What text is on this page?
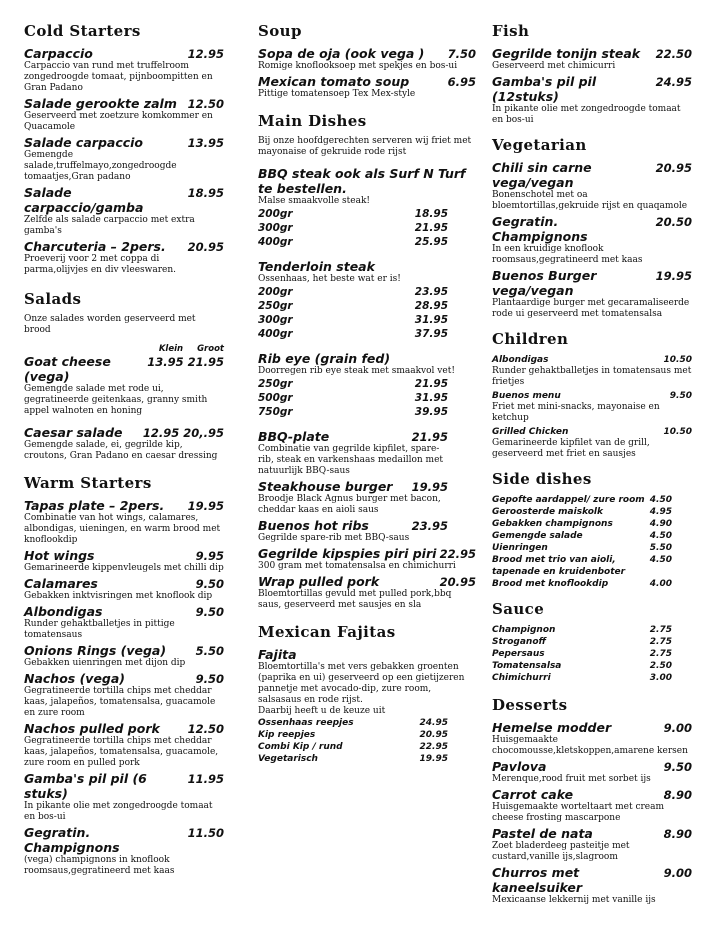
Cold Starters
Carpaccio	12.95
Carpaccio van rund met truffelroom zongedroogde tomaat, pijnboompitten en Gran Padano
Salade gerookte zalm 12.50
Geserveerd met zoetzure komkommer en Quacamole
Salade carpaccio	13.95
Gemengde salade,truffelmayo,zongedroogde tomaatjes,Gran padano
Salade carpaccio/gamba
18.95
Zelfde als salade carpaccio met extra gamba's
Charcuteria – 2pers. 20.95
Proeverij voor 2 met coppa di parma,olijvjes en div vleeswaren.
Salads
Onze salades worden geserveerd met brood
Klein Groot
Goat cheese (vega)
13.95 21.95
Gemengde salade met rode ui, gegratineerde geitenkaas, granny smith appel walnoten en honing
Caesar salade 12.95 20,.95
Gemengde salade, ei, gegrilde kip, croutons, Gran Padano en caesar dressing
Warm Starters
Tapas plate – 2pers. 19.95
Combinatie van hot wings, calamares, albondigas, uieningen, en warm brood met knoflookdip
Hot wings	9.95
Gemarineerde kippenvleugels met chilli dip
Calamares	9.50
Gebakken inktvisringen met knoflook dip
Albondigas	9.50
Runder gehaktballetjes in pittige tomatensaus
Onions Rings (vega)	5.50
Gebakken uienringen met dijon dip
Nachos (vega)	9.50
Gegratineerde tortilla chips met cheddar kaas, jalapeños, tomatensalsa, guacamole en zure room
Nachos pulled pork 12.50
Gegratineerde tortilla chips met cheddar kaas, jalapeños, tomatensalsa, guacamole, zure room en pulled pork
Gamba's pil pil (6 stuks)
11.95
In pikante olie met zongedroogde tomaat en bos-ui
Gegratin. Champignons
11.50
(vega) champignons in knoflook roomsaus,gegratineerd met kaas
Soup
Sopa de oja (ook vega ) 7.50
Romige knoflooksoep met spekjes en bos-ui
Mexican tomato soup	6.95
Pittige tomatensoep Tex Mex-style
Main Dishes
Bij onze hoofdgerechten serveren wij friet met mayonaise of gekruide rode rijst
BBQ steak ook als Surf N Turf te bestellen.
Malse smaakvolle steak!
200gr	18.95
300gr	21.95
400gr	25.95
Tenderloin steak
Ossenhaas, het beste wat er is!
200gr	23.95
250gr	28.95
300gr	31.95
400gr	37.95
Rib eye (grain fed)
Doorregen rib eye steak met smaakvol vet!
250gr	21.95
500gr	31.95
750gr	39.95
BBQ-plate	21.95
Combinatie van gegrilde kipfilet, spare-rib, steak en varkenshaas medaillon met natuurlijk BBQ-saus
Steakhouse burger 19.95
Broodje Black Agnus burger met bacon, cheddar kaas en aioli saus
Buenos hot ribs	23.95
Gegrilde spare-rib met BBQ-saus
Gegrilde kipspies piri piri 22.95
300 gram met tomatensalsa en chimichurri
Wrap pulled pork	20.95
Bloemtortillas gevuld met pulled pork,bbq saus, geserveerd met sausjes en sla
Mexican Fajitas
Fajita
Bloemtortilla's met vers gebakken groenten (paprika en ui) geserveerd op een gietijzeren pannetje met avocado-dip, zure room, salsasaus en rode rijst.
Daarbij heeft u de keuze uit
Ossenhaas reepjes	24.95
Kip reepjes	20.95
Combi Kip / rund	22.95
Vegetarisch	19.95
Fish
Gegrilde tonijn steak 22.50
Geserveerd met chimicurri
Gamba's pil pil (12stuks)
24.95
In pikante olie met zongedroogde tomaat en bos-ui
Vegetarian
Chili sin carne vega/vegan
20.95
Bonenschotel met oa bloemtortillas,gekruide rijst en quaqamole
Gegratin. Champignons
20.50
In een kruidige knoflook roomsaus,gegratineerd met kaas
Buenos Burger vega/vegan
19.95
Plantaardige burger met gecaramaliseerde rode ui geserveerd met tomatensalsa
Children
Albondigas	10.50
Runder gehaktballetjes in tomatensaus met frietjes
Buenos menu	9.50
Friet met mini-snacks, mayonaise en ketchup
Grilled Chicken	10.50
Gemarineerde kipfilet van de grill, geserveerd met friet en sausjes
Side dishes
Gepofte aardappel/ zure room 4.50
Geroosterde maiskolk	4.95
Gebakken champignons	4.90
Gemengde salade	4.50
Uienringen	5.50
Brood met trio van aioli, tapenade en kruidenboter
4.50
Brood met knoflookdip	4.00
Sauce
Champignon	2.75
Stroganoff	2.75
Pepersaus	2.75
Tomatensalsa	2.50
Chimichurri	3.00
Desserts
Hemelse modder	9.00
Huisgemaakte chocomousse,kletskoppen,amarene kersen
Pavlova	9.50
Merenque,rood fruit met sorbet ijs
Carrot cake	8.90
Huisgemaakte worteltaart met cream cheese frosting mascarpone
Pastel de nata	8.90
Zoet bladerdeeg pasteitje met custard,vanille ijs,slagroom
Churros met kaneelsuiker
9.00
Mexicaanse lekkernij met vanille ijs
